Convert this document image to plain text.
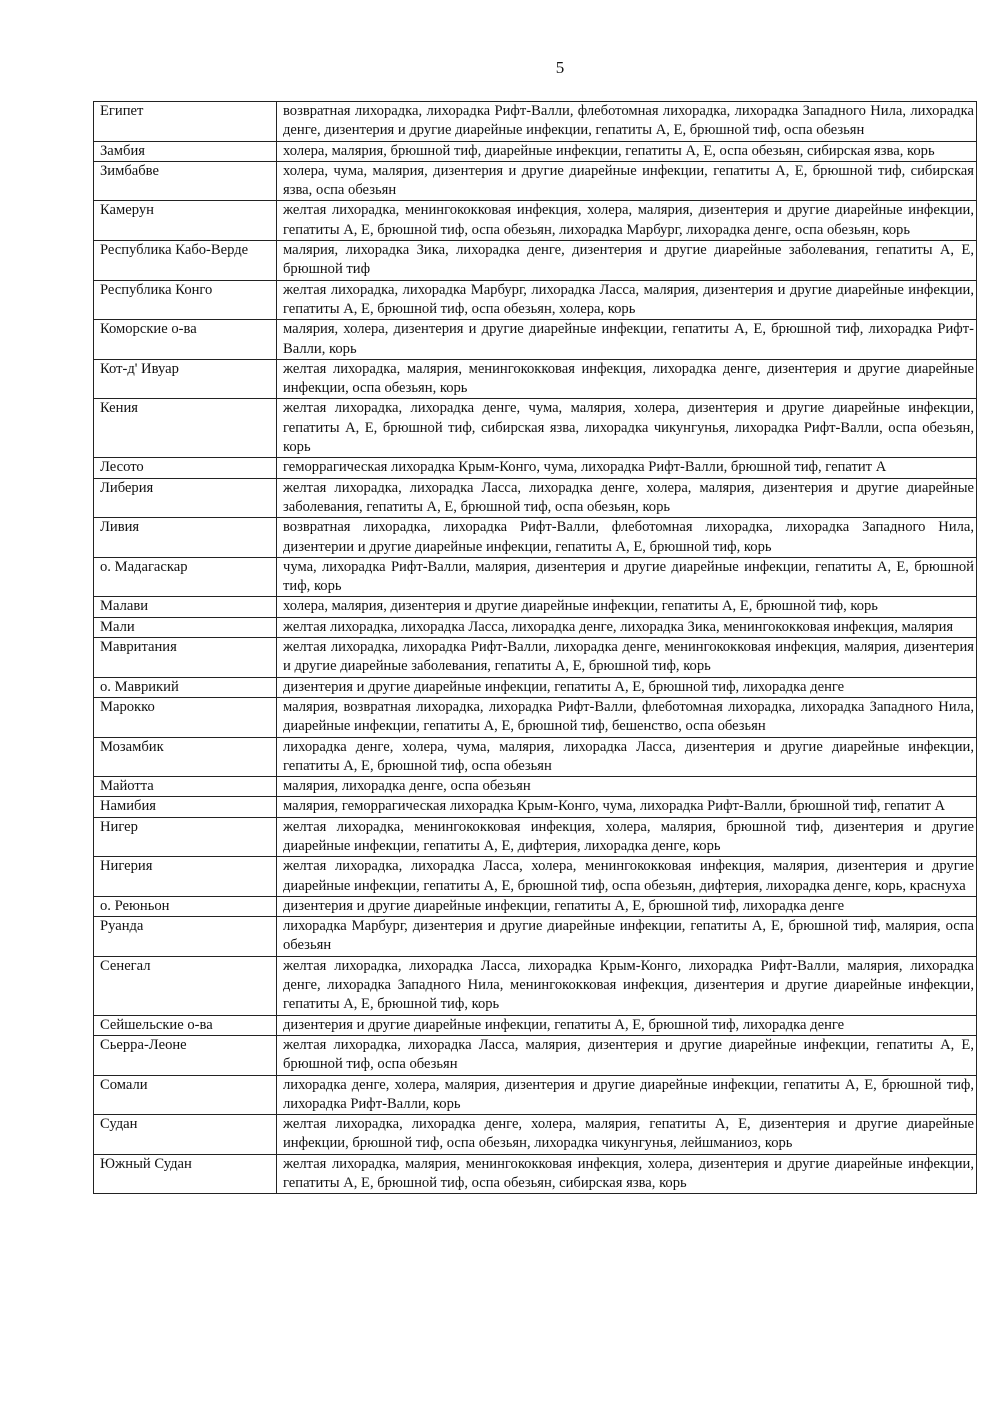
5
Египет	возвратная лихорадка, лихорадка Рифт-Валли, флеботомная лихорадка, лихорадка Западного Нила, лихорадка денге, дизентерия и другие диарейные инфекции, гепатиты А, Е, брюшной тиф, оспа обезьян
Замбия	холера, малярия, брюшной тиф, диарейные инфекции, гепатиты А, Е, оспа обезьян, сибирская язва, корь
Зимбабве	холера, чума, малярия, дизентерия и другие диарейные инфекции, гепатиты А, Е, брюшной тиф, сибирская язва, оспа обезьян
Камерун	желтая лихорадка, менингококковая инфекция, холера, малярия, дизентерия и другие диарейные инфекции, гепатиты А, Е, брюшной тиф, оспа обезьян, лихорадка Марбург, лихорадка денге, оспа обезьян, корь
Республика Кабо-Верде	малярия, лихорадка Зика, лихорадка денге, дизентерия и другие диарейные заболевания, гепатиты А, Е, брюшной тиф
Республика Конго	желтая лихорадка, лихорадка Марбург, лихорадка Ласса, малярия, дизентерия и другие диарейные инфекции, гепатиты А, Е, брюшной тиф, оспа обезьян, холера, корь
Коморские о-ва	малярия, холера, дизентерия и другие диарейные инфекции, гепатиты А, Е, брюшной тиф, лихорадка Рифт-Валли, корь
Кот-д' Ивуар	желтая лихорадка, малярия, менингококковая инфекция, лихорадка денге, дизентерия и другие диарейные инфекции, оспа обезьян, корь
Кения	желтая лихорадка, лихорадка денге, чума, малярия, холера, дизентерия и другие диарейные инфекции, гепатиты А, Е, брюшной тиф, сибирская язва, лихорадка чикунгунья, лихорадка Рифт-Валли, оспа обезьян, корь
Лесото	геморрагическая лихорадка Крым-Конго, чума, лихорадка Рифт-Валли, брюшной тиф, гепатит А
Либерия	желтая лихорадка, лихорадка Ласса, лихорадка денге, холера, малярия, дизентерия и другие диарейные заболевания, гепатиты А, Е, брюшной тиф, оспа обезьян, корь
Ливия	возвратная лихорадка, лихорадка Рифт-Валли, флеботомная лихорадка, лихорадка Западного Нила, дизентерии и другие диарейные инфекции, гепатиты А, Е, брюшной тиф, корь
о. Мадагаскар	чума, лихорадка Рифт-Валли, малярия, дизентерия и другие диарейные инфекции, гепатиты А, Е, брюшной тиф, корь
Малави	холера, малярия, дизентерия и другие диарейные инфекции, гепатиты А, Е, брюшной тиф, корь
Мали	желтая лихорадка, лихорадка Ласса, лихорадка денге, лихорадка Зика, менингококковая инфекция, малярия
Мавритания	желтая лихорадка, лихорадка Рифт-Валли, лихорадка денге, менингококковая инфекция, малярия, дизентерия и другие диарейные заболевания, гепатиты А, Е, брюшной тиф, корь
о. Маврикий	дизентерия и другие диарейные инфекции, гепатиты А, Е, брюшной тиф, лихорадка денге
Марокко	малярия, возвратная лихорадка, лихорадка Рифт-Валли, флеботомная лихорадка, лихорадка Западного Нила, диарейные инфекции, гепатиты А, Е, брюшной тиф, бешенство, оспа обезьян
Мозамбик	лихорадка денге, холера, чума, малярия, лихорадка Ласса, дизентерия и другие диарейные инфекции, гепатиты А, Е, брюшной тиф, оспа обезьян
Майотта	малярия, лихорадка денге, оспа обезьян
Намибия	малярия, геморрагическая лихорадка Крым-Конго, чума, лихорадка Рифт-Валли, брюшной тиф, гепатит А
Нигер	желтая лихорадка, менингококковая инфекция, холера, малярия, брюшной тиф, дизентерия и другие диарейные инфекции, гепатиты А, Е, дифтерия, лихорадка денге, корь
Нигерия	желтая лихорадка, лихорадка Ласса, холера, менингококковая инфекция, малярия, дизентерия и другие диарейные инфекции, гепатиты А, Е, брюшной тиф, оспа обезьян, дифтерия, лихорадка денге, корь, краснуха
о. Реюньон	дизентерия и другие диарейные инфекции, гепатиты А, Е, брюшной тиф, лихорадка денге
Руанда	лихорадка Марбург, дизентерия и другие диарейные инфекции, гепатиты А, Е, брюшной тиф, малярия, оспа обезьян
Сенегал	желтая лихорадка, лихорадка Ласса, лихорадка Крым-Конго, лихорадка Рифт-Валли, малярия, лихорадка денге, лихорадка Западного Нила, менингококковая инфекция, дизентерия и другие диарейные инфекции, гепатиты А, Е, брюшной тиф, корь
Сейшельские о-ва	дизентерия и другие диарейные инфекции, гепатиты А, Е, брюшной тиф, лихорадка денге
Сьерра-Леоне	желтая лихорадка, лихорадка Ласса, малярия, дизентерия и другие диарейные инфекции, гепатиты А, Е, брюшной тиф, оспа обезьян
Сомали	лихорадка денге, холера, малярия, дизентерия и другие диарейные инфекции, гепатиты А, Е, брюшной тиф, лихорадка Рифт-Валли, корь
Судан	желтая лихорадка, лихорадка денге, холера, малярия, гепатиты А, Е, дизентерия и другие диарейные инфекции, брюшной тиф, оспа обезьян, лихорадка чикунгунья, лейшманиоз, корь
Южный Судан	желтая лихорадка, малярия, менингококковая инфекция, холера, дизентерия и другие диарейные инфекции, гепатиты А, Е, брюшной тиф, оспа обезьян, сибирская язва, корь
